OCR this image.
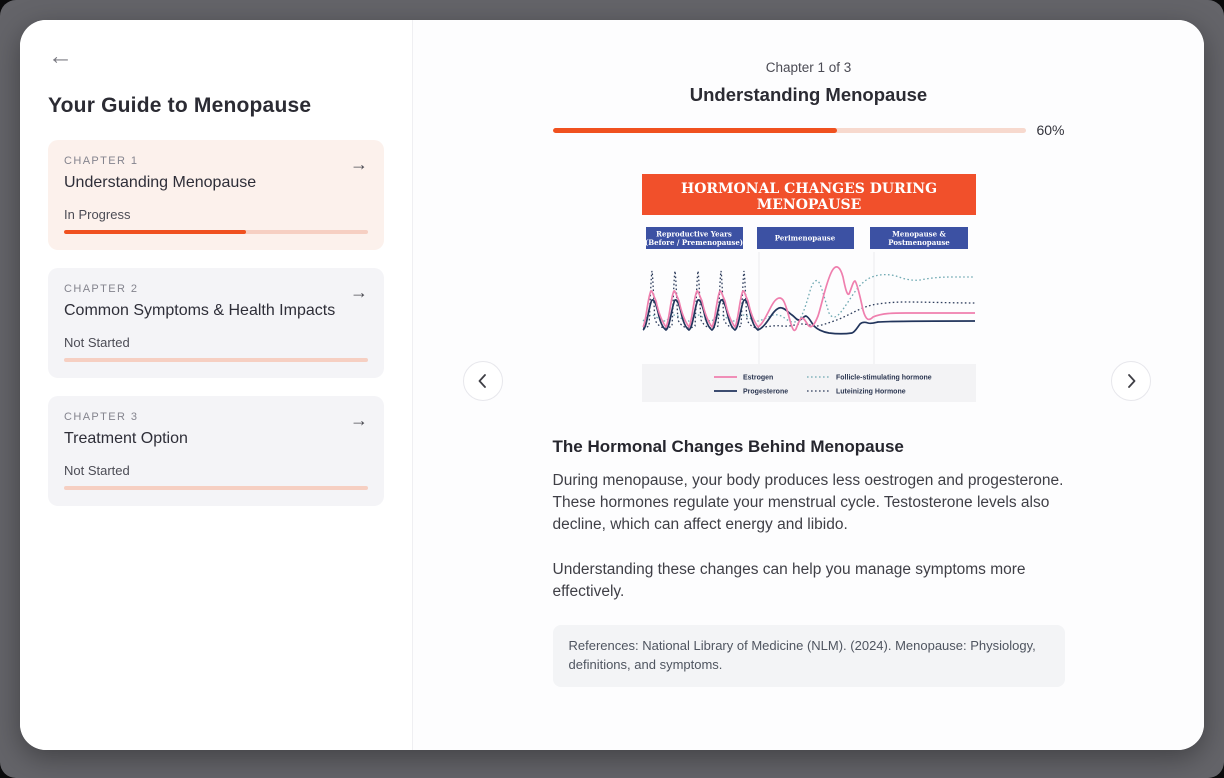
←
Your Guide to Menopause
CHAPTER 1
Understanding Menopause
→
In Progress
CHAPTER 2
Common Symptoms & Health Impacts
→
Not Started
CHAPTER 3
Treatment Option
→
Not Started
Chapter 1 of 3
Understanding Menopause
60%
HORMONAL CHANGES DURING
MENOPAUSE
Reproductive Years
(Before / Premenopause)	Perimenopause	Menopause &
Postmenopause
Estrogen
Progesterone
Follicle-stimulating hormone
Luteinizing Hormone
The Hormonal Changes Behind Menopause

During menopause, your body produces less oestrogen and progesterone. These hormones regulate your menstrual cycle. Testosterone levels also decline, which can affect energy and libido.

Understanding these changes can help you manage symptoms more effectively.

References: National Library of Medicine (NLM). (2024). Menopause: Physiology, definitions, and symptoms.
